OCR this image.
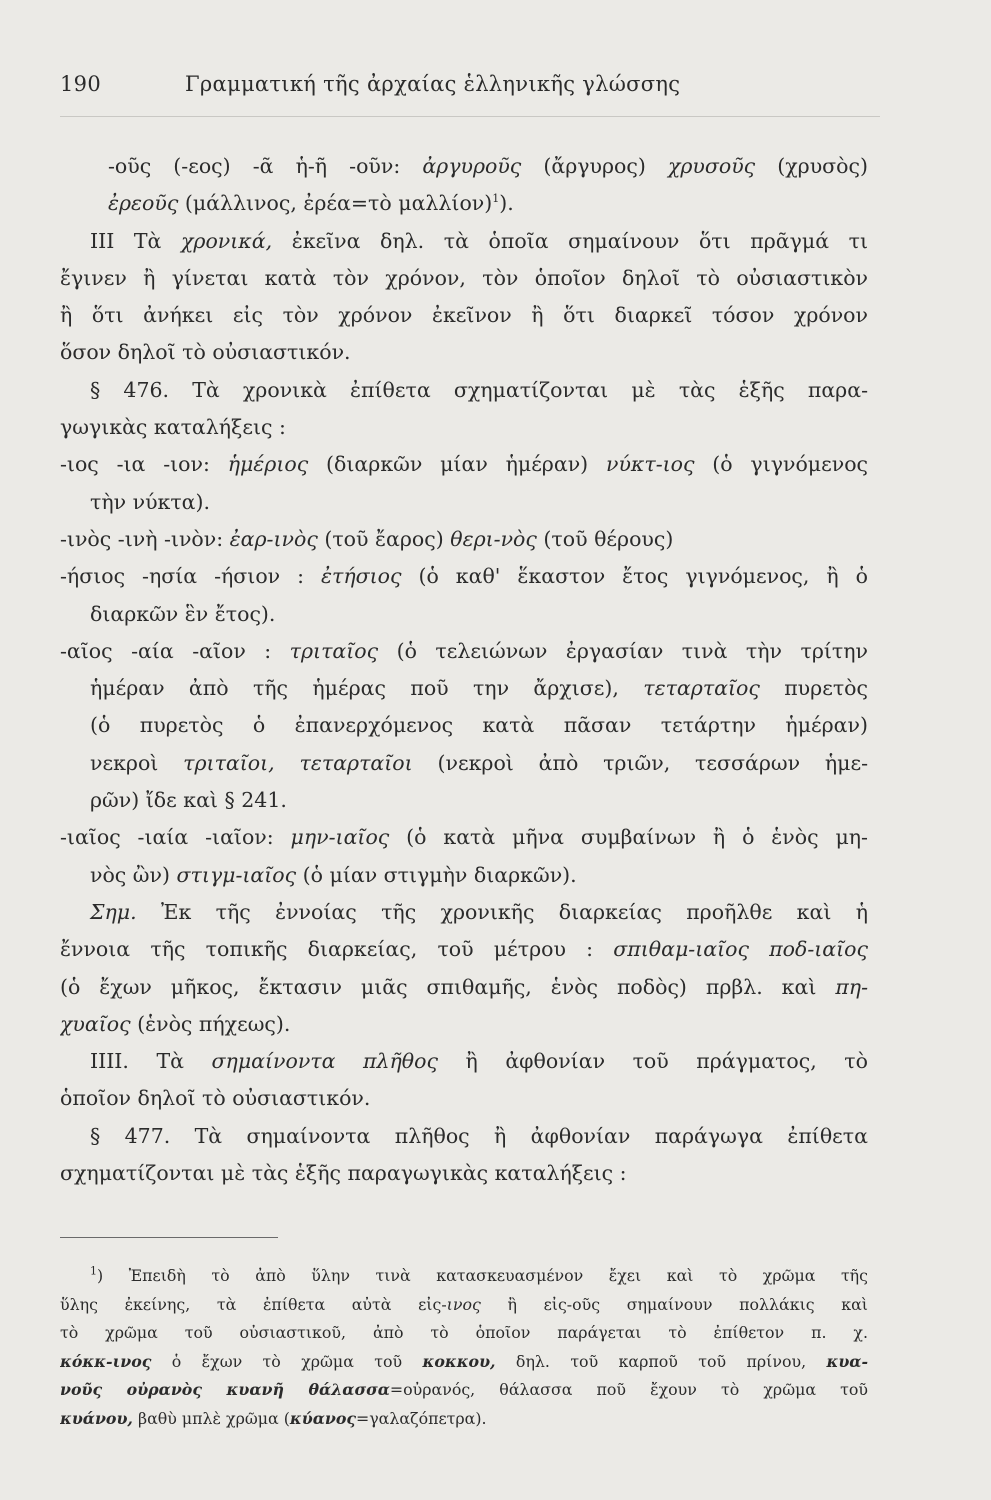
190	Γραμματική τῆς ἀρχαίας ἑλληνικῆς γλώσσης
-οῦς (-εος) -ᾶ ἡ-ῆ -οῦν: ἀργυροῦς (ἄργυρος) χρυσοῦς (χρυσὸς)
ἐρεοῦς (μάλλινος, ἐρέα=τὸ μαλλίον)$^1$).
ΙΙΙ Τὰ χρονικά, ἐκεῖνα δηλ. τὰ ὁποῖα σημαίνουν ὅτι πρᾶγμά τι
ἔγινεν ἢ γίνεται κατὰ τὸν χρόνον, τὸν ὁποῖον δηλοῖ τὸ οὐσιαστικὸν
ἢ ὅτι ἀνήκει εἰς τὸν χρόνον ἐκεῖνον ἢ ὅτι διαρκεῖ τόσον χρόνον
ὅσον δηλοῖ τὸ οὐσιαστικόν.
§ 476. Τὰ χρονικὰ ἐπίθετα σχηματίζονται μὲ τὰς ἑξῆς παρα-
γωγικὰς καταλήξεις :
-ιος -ια -ιον: ἡμέριος (διαρκῶν μίαν ἡμέραν) νύκτ-ιος (ὁ γιγνόμενος
τὴν νύκτα).
-ινὸς -ινὴ -ινὸν: ἐαρ-ινὸς (τοῦ ἔαρος) θερι-νὸς (τοῦ θέρους)
-ήσιος -ησία -ήσιον : ἐτήσιος (ὁ καθ' ἕκαστον ἔτος γιγνόμενος, ἢ ὁ
διαρκῶν ἓν ἔτος).
-αῖος -αία -αῖον : τριταῖος (ὁ τελειώνων ἐργασίαν τινὰ τὴν τρίτην
ἡμέραν ἀπὸ τῆς ἡμέρας ποῦ την ἄρχισε), τεταρταῖος πυρετὸς
(ὁ πυρετὸς ὁ ἐπανερχόμενος κατὰ πᾶσαν τετάρτην ἡμέραν)
νεκροὶ τριταῖοι, τεταρταῖοι (νεκροὶ ἀπὸ τριῶν, τεσσάρων ἡμε-
ρῶν) ἴδε καὶ § 241.
-ιαῖος -ιαία -ιαῖον: μην-ιαῖος (ὁ κατὰ μῆνα συμβαίνων ἢ ὁ ἑνὸς μη-
νὸς ὢν) στιγμ-ιαῖος (ὁ μίαν στιγμὴν διαρκῶν).
Σημ. Ἐκ τῆς ἐννοίας τῆς χρονικῆς διαρκείας προῆλθε καὶ ἡ
ἔννοια τῆς τοπικῆς διαρκείας, τοῦ μέτρου : σπιθαμ-ιαῖος ποδ-ιαῖος
(ὁ ἔχων μῆκος, ἔκτασιν μιᾶς σπιθαμῆς, ἑνὸς ποδὸς) πρβλ. καὶ πη-
χυαῖος (ἑνὸς πήχεως).
ΙΙΙΙ. Τὰ σημαίνοντα πλῆθος ἢ ἀφθονίαν τοῦ πράγματος, τὸ
ὁποῖον δηλοῖ τὸ οὐσιαστικόν.
§ 477. Τὰ σημαίνοντα πλῆθος ἢ ἀφθονίαν παράγωγα ἐπίθετα
σχηματίζονται μὲ τὰς ἑξῆς παραγωγικὰς καταλήξεις :
$^1$) Ἐπειδὴ τὸ ἀπὸ ὕλην τινὰ κατασκευασμένον ἔχει καὶ τὸ χρῶμα τῆς
ὕλης ἐκείνης, τὰ ἐπίθετα αὐτὰ εἰς-ινος ἢ εἰς-οῦς σημαίνουν πολλάκις καὶ
τὸ χρῶμα τοῦ οὐσιαστικοῦ, ἀπὸ τὸ ὁποῖον παράγεται τὸ ἐπίθετον π. χ.
κόκκ-ινος ὁ ἔχων τὸ χρῶμα τοῦ κοκκου, δηλ. τοῦ καρποῦ τοῦ πρίνου, κυα-
νοῦς οὐρανὸς κυανῆ θάλασσα=οὐρανός, θάλασσα ποῦ ἔχουν τὸ χρῶμα τοῦ
κυάνου, βαθὺ μπλὲ χρῶμα (κύανος=γαλαζόπετρα).
